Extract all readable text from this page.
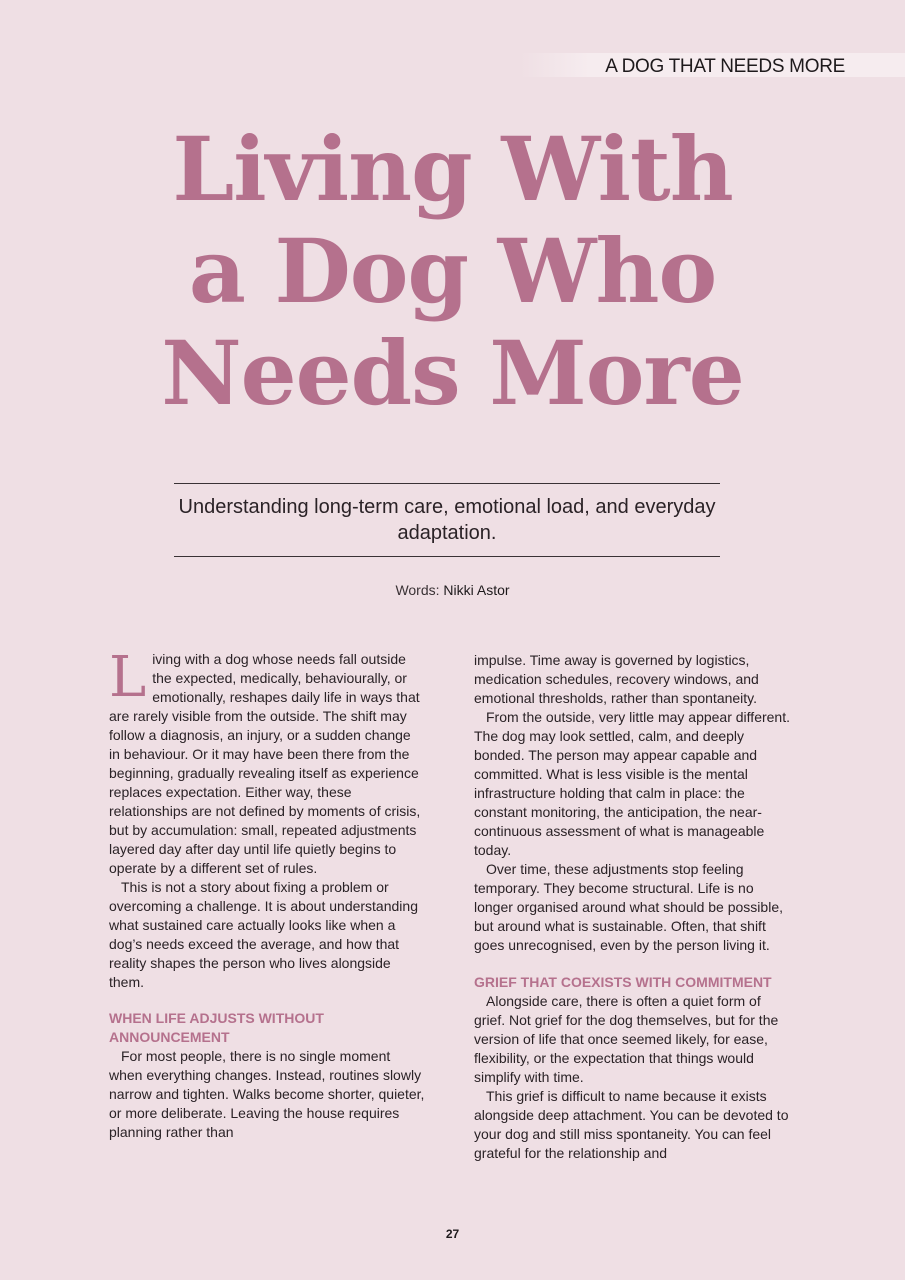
A DOG THAT NEEDS MORE
Living With
a Dog Who
Needs More

Understanding long-term care, emotional load, and everyday adaptation.

Words: Nikki Astor

Living with a dog whose needs fall outside the expected, medically, behaviourally, or emotionally, reshapes daily life in ways that are rarely visible from the outside. The shift may follow a diagnosis, an injury, or a sudden change in behaviour. Or it may have been there from the beginning, gradually revealing itself as experience replaces expectation. Either way, these relationships are not defined by moments of crisis, but by accumulation: small, repeated adjustments layered day after day until life quietly begins to operate by a different set of rules.

This is not a story about fixing a problem or overcoming a challenge. It is about understanding what sustained care actually looks like when a dog’s needs exceed the average, and how that reality shapes the person who lives alongside them.

WHEN LIFE ADJUSTS WITHOUT ANNOUNCEMENT

For most people, there is no single moment when everything changes. Instead, routines slowly narrow and tighten. Walks become shorter, quieter, or more deliberate. Leaving the house requires planning rather than

impulse. Time away is governed by logistics, medication schedules, recovery windows, and emotional thresholds, rather than spontaneity.

From the outside, very little may appear different. The dog may look settled, calm, and deeply bonded. The person may appear capable and committed. What is less visible is the mental infrastructure holding that calm in place: the constant monitoring, the anticipation, the near-continuous assessment of what is manageable today.

Over time, these adjustments stop feeling temporary. They become structural. Life is no longer organised around what should be possible, but around what is sustainable. Often, that shift goes unrecognised, even by the person living it.

GRIEF THAT COEXISTS WITH COMMITMENT

Alongside care, there is often a quiet form of grief. Not grief for the dog themselves, but for the version of life that once seemed likely, for ease, flexibility, or the expectation that things would simplify with time.

This grief is difficult to name because it exists alongside deep attachment. You can be devoted to your dog and still miss spontaneity. You can feel grateful for the relationship and

27
